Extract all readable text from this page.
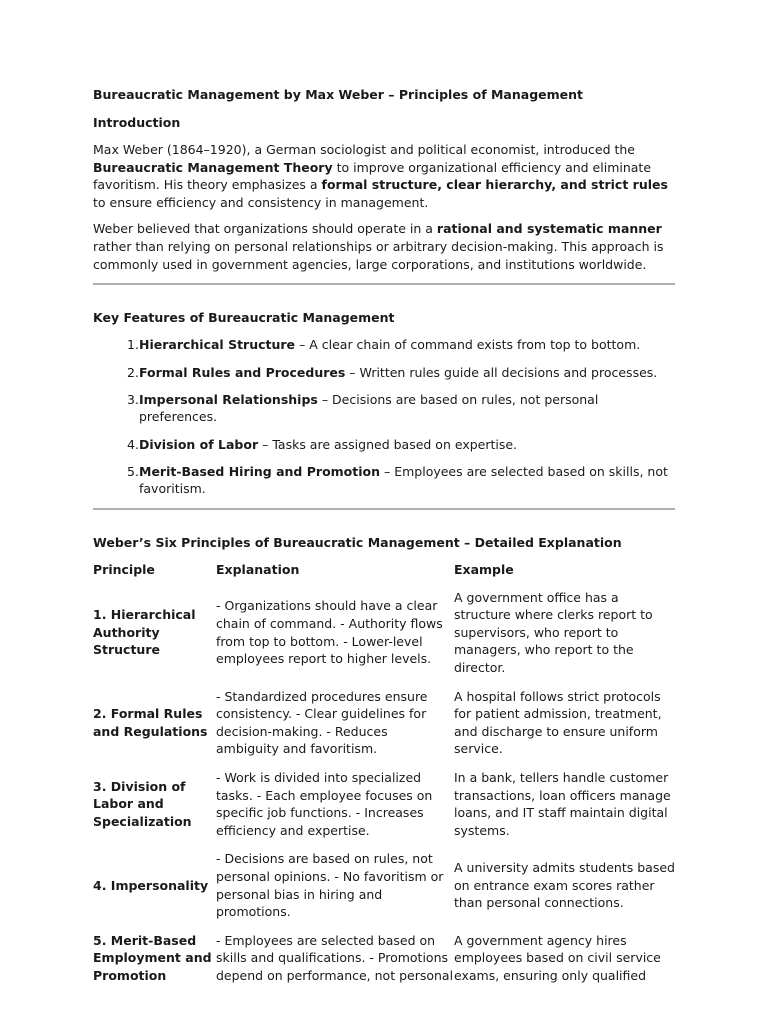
Bureaucratic Management by Max Weber – Principles of Management
Introduction

Max Weber (1864–1920), a German sociologist and political economist, introduced the Bureaucratic Management Theory to improve organizational efficiency and eliminate favoritism. His theory emphasizes a formal structure, clear hierarchy, and strict rules to ensure efficiency and consistency in management.

Weber believed that organizations should operate in a rational and systematic manner rather than relying on personal relationships or arbitrary decision-making. This approach is commonly used in government agencies, large corporations, and institutions worldwide.

Key Features of Bureaucratic Management
1. Hierarchical Structure – A clear chain of command exists from top to bottom.
2. Formal Rules and Procedures – Written rules guide all decisions and processes.
3. Impersonal Relationships – Decisions are based on rules, not personal preferences.
4. Division of Labor – Tasks are assigned based on expertise.
5. Merit-Based Hiring and Promotion – Employees are selected based on skills, not favoritism.
Weber’s Six Principles of Bureaucratic Management – Detailed Explanation
Principle	Explanation	Example
1. Hierarchical Authority Structure	- Organizations should have a clear chain of command. - Authority flows from top to bottom. - Lower-level employees report to higher levels.	A government office has a structure where clerks report to supervisors, who report to managers, who report to the director.
2. Formal Rules and Regulations	- Standardized procedures ensure consistency. - Clear guidelines for decision-making. - Reduces ambiguity and favoritism.	A hospital follows strict protocols for patient admission, treatment, and discharge to ensure uniform service.
3. Division of Labor and Specialization	- Work is divided into specialized tasks. - Each employee focuses on specific job functions. - Increases efficiency and expertise.	In a bank, tellers handle customer transactions, loan officers manage loans, and IT staff maintain digital systems.
4. Impersonality	- Decisions are based on rules, not personal opinions. - No favoritism or personal bias in hiring and promotions.	A university admits students based on entrance exam scores rather than personal connections.
5. Merit-Based Employment and Promotion	- Employees are selected based on skills and qualifications. - Promotions depend on performance, not personal	A government agency hires employees based on civil service exams, ensuring only qualified
